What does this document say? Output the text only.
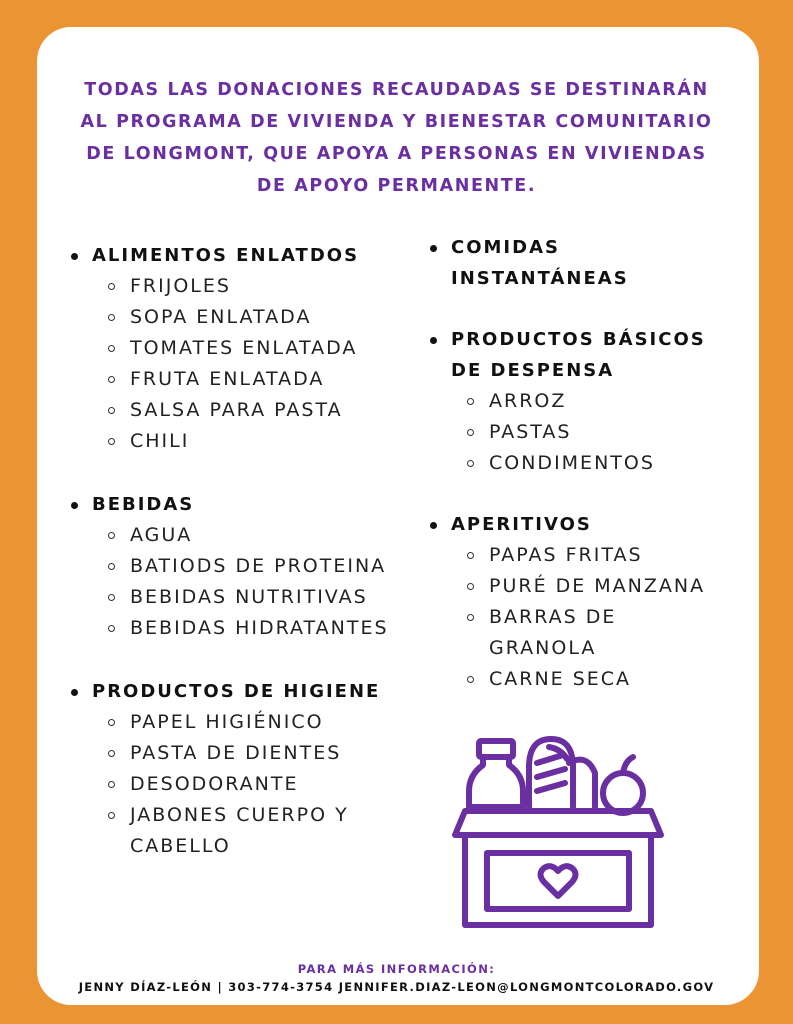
TODAS LAS DONACIONES RECAUDADAS SE DESTINARÁN AL PROGRAMA DE VIVIENDA Y BIENESTAR COMUNITARIO DE LONGMONT, QUE APOYA A PERSONAS EN VIVIENDAS DE APOYO PERMANENTE.

ALIMENTOS ENLATDOS

FRIJOLES
SOPA ENLATADA
TOMATES ENLATADA
FRUTA ENLATADA
SALSA PARA PASTA
CHILI

BEBIDAS

AGUA
BATIODS DE PROTEINA
BEBIDAS NUTRITIVAS
BEBIDAS HIDRATANTES

PRODUCTOS DE HIGIENE

PAPEL HIGIÉNICO
PASTA DE DIENTES
DESODORANTE
JABONES CUERPO Y CABELLO

COMIDAS INSTANTÁNEAS

PRODUCTOS BÁSICOS DE DESPENSA

ARROZ
PASTAS
CONDIMENTOS

APERITIVOS

PAPAS FRITAS
PURÉ DE MANZANA
BARRAS DE GRANOLA
CARNE SECA

PARA MÁS INFORMACIÓN:

JENNY DÍAZ-LEÓN | 303-774-3754 JENNIFER.DIAZ-LEON@LONGMONTCOLORADO.GOV
